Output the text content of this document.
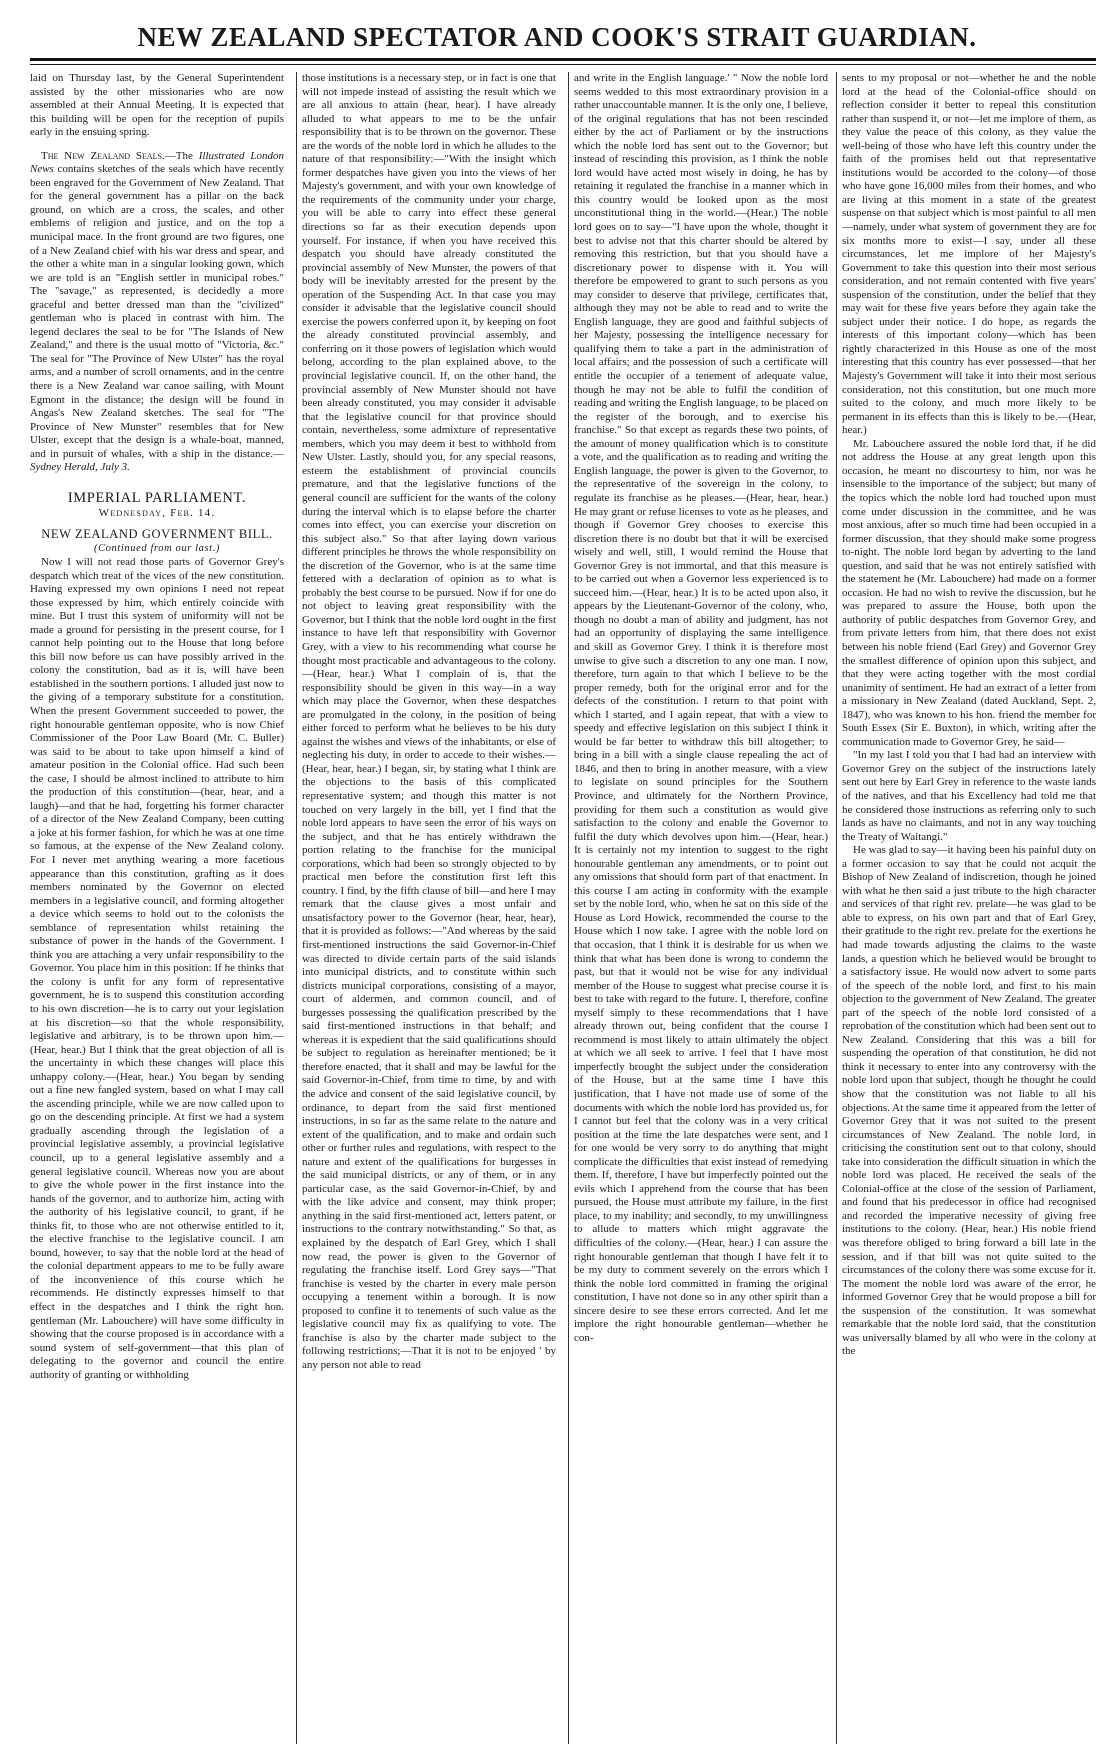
NEW ZEALAND SPECTATOR AND COOK'S STRAIT GUARDIAN.

laid on Thursday last, by the General Superintendent assisted by the other missionaries who are now assembled at their Annual Meeting. It is expected that this building will be open for the reception of pupils early in the ensuing spring.

The New Zealand Seals.—The Illustrated London News contains sketches of the seals which have recently been engraved for the Government of New Zealand. That for the general government has a pillar on the back ground, on which are a cross, the scales, and other emblems of religion and justice, and on the top a municipal mace. In the front ground are two figures, one of a New Zealand chief with his war dress and spear, and the other a white man in a singular looking gown, which we are told is an "English settler in municipal robes." The "savage," as represented, is decidedly a more graceful and better dressed man than the "civilized" gentleman who is placed in contrast with him. The legend declares the seal to be for "The Islands of New Zealand," and there is the usual motto of "Victoria, &c." The seal for "The Province of New Ulster" has the royal arms, and a number of scroll ornaments, and in the centre there is a New Zealand war canoe sailing, with Mount Egmont in the distance; the design will be found in Angas's New Zealand sketches. The seal for "The Province of New Munster" resembles that for New Ulster, except that the design is a whale-boat, manned, and in pursuit of whales, with a ship in the distance.—Sydney Herald, July 3.

IMPERIAL PARLIAMENT.

Wednesday, Feb. 14.

NEW ZEALAND GOVERNMENT BILL.

(Continued from our last.)

Now I will not read those parts of Governor Grey's despatch which treat of the vices of the new constitution. Having expressed my own opinions I need not repeat those expressed by him, which entirely coincide with mine. But I trust this system of uniformity will not be made a ground for persisting in the present course, for I cannot help pointing out to the House that long before this bill now before us can have possibly arrived in the colony the constitution, bad as it is, will have been established in the southern portions. I alluded just now to the giving of a temporary substitute for a constitution. When the present Government succeeded to power, the right honourable gentleman opposite, who is now Chief Commissioner of the Poor Law Board (Mr. C. Buller) was said to be about to take upon himself a kind of amateur position in the Colonial office. Had such been the case, I should be almost inclined to attribute to him the production of this constitution—(hear, hear, and a laugh)—and that he had, forgetting his former character of a director of the New Zealand Company, been cutting a joke at his former fashion, for which he was at one time so famous, at the expense of the New Zealand colony. For I never met anything wearing a more facetious appearance than this constitution, grafting as it does members nominated by the Governor on elected members in a legislative council, and forming altogether a device which seems to hold out to the colonists the semblance of representation whilst retaining the substance of power in the hands of the Government. I think you are attaching a very unfair responsibility to the Governor. You place him in this position: If he thinks that the colony is unfit for any form of representative government, he is to suspend this constitution according to his own discretion—he is to carry out your legislation at his discretion—so that the whole responsibility, legislative and arbitrary, is to be thrown upon him.—(Hear, hear.) But I think that the great objection of all is the uncertainty in which these changes will place this unhappy colony.—(Hear, hear.) You began by sending out a fine new fangled system, based on what I may call the ascending principle, while we are now called upon to go on the descending principle. At first we had a system gradually ascending through the legislation of a provincial legislative assembly, a provincial legislative council, up to a general legislative assembly and a general legislative council. Whereas now you are about to give the whole power in the first instance into the hands of the governor, and to authorize him, acting with the authority of his legislative council, to grant, if he thinks fit, to those who are not otherwise entitled to it, the elective franchise to the legislative council. I am bound, however, to say that the noble lord at the head of the colonial department appears to me to be fully aware of the inconvenience of this course which he recommends. He distinctly expresses himself to that effect in the despatches and I think the right hon. gentleman (Mr. Labouchere) will have some difficulty in showing that the course proposed is in accordance with a sound system of self-government—that this plan of delegating to the governor and council the entire authority of granting or withholding

those institutions is a necessary step, or in fact is one that will not impede instead of assisting the result which we are all anxious to attain (hear, hear). I have already alluded to what appears to me to be the unfair responsibility that is to be thrown on the governor. These are the words of the noble lord in which he alludes to the nature of that responsibility:—"With the insight which former despatches have given you into the views of her Majesty's government, and with your own knowledge of the requirements of the community under your charge, you will be able to carry into effect these general directions so far as their execution depends upon yourself. For instance, if when you have received this despatch you should have already constituted the provincial assembly of New Munster, the powers of that body will be inevitably arrested for the present by the operation of the Suspending Act. In that case you may consider it advisable that the legislative council should exercise the powers conferred upon it, by keeping on foot the already constituted provincial assembly, and conferring on it those powers of legislation which would belong, according to the plan explained above, to the provincial legislative council. If, on the other hand, the provincial assembly of New Munster should not have been already constituted, you may consider it advisable that the legislative council for that province should contain, nevertheless, some admixture of representative members, which you may deem it best to withhold from New Ulster. Lastly, should you, for any special reasons, esteem the establishment of provincial councils premature, and that the legislative functions of the general council are sufficient for the wants of the colony during the interval which is to elapse before the charter comes into effect, you can exercise your discretion on this subject also." So that after laying down various different principles he throws the whole responsibility on the discretion of the Governor, who is at the same time fettered with a declaration of opinion as to what is probably the best course to be pursued. Now if for one do not object to leaving great responsibility with the Governor, but I think that the noble lord ought in the first instance to have left that responsibility with Governor Grey, with a view to his recommending what course he thought most practicable and advantageous to the colony.—(Hear, hear.) What I complain of is, that the responsibility should be given in this way—in a way which may place the Governor, when these despatches are promulgated in the colony, in the position of being either forced to perform what he believes to be his duty against the wishes and views of the inhabitants, or else of neglecting his duty, in order to accede to their wishes.—(Hear, hear, hear.) I began, sir, by stating what I think are the objections to the basis of this complicated representative system; and though this matter is not touched on very largely in the bill, yet I find that the noble lord appears to have seen the error of his ways on the subject, and that he has entirely withdrawn the portion relating to the franchise for the municipal corporations, which had been so strongly objected to by practical men before the constitution first left this country. I find, by the fifth clause of bill—and here I may remark that the clause gives a most unfair and unsatisfactory power to the Governor (hear, hear, hear), that it is provided as follows:—"And whereas by the said first-mentioned instructions the said Governor-in-Chief was directed to divide certain parts of the said islands into municipal districts, and to constitute within such districts municipal corporations, consisting of a mayor, court of aldermen, and common council, and of burgesses possessing the qualification prescribed by the said first-mentioned instructions in that behalf; and whereas it is expedient that the said qualifications should be subject to regulation as hereinafter mentioned; be it therefore enacted, that it shall and may be lawful for the said Governor-in-Chief, from time to time, by and with the advice and consent of the said legislative council, by ordinance, to depart from the said first mentioned instructions, in so far as the same relate to the nature and extent of the qualification, and to make and ordain such other or further rules and regulations, with respect to the nature and extent of the qualifications for burgesses in the said municipal districts, or any of them, or in any particular case, as the said Governor-in-Chief, by and with the like advice and consent, may think proper; anything in the said first-mentioned act, letters patent, or instructions to the contrary notwithstanding." So that, as explained by the despatch of Earl Grey, which I shall now read, the power is given to the Governor of regulating the franchise itself. Lord Grey says—"That franchise is vested by the charter in every male person occupying a tenement within a borough. It is now proposed to confine it to tenements of such value as the legislative council may fix as qualifying to vote. The franchise is also by the charter made subject to the following restrictions;—That it is not to be enjoyed ' by any person not able to read

and write in the English language.' " Now the noble lord seems wedded to this most extraordinary provision in a rather unaccountable manner. It is the only one, I believe, of the original regulations that has not been rescinded either by the act of Parliament or by the instructions which the noble lord has sent out to the Governor; but instead of rescinding this provision, as I think the noble lord would have acted most wisely in doing, he has by retaining it regulated the franchise in a manner which in this country would be looked upon as the most unconstitutional thing in the world.—(Hear.) The noble lord goes on to say—"I have upon the whole, thought it best to advise not that this charter should be altered by removing this restriction, but that you should have a discretionary power to dispense with it. You will therefore be empowered to grant to such persons as you may consider to deserve that privilege, certificates that, although they may not be able to read and to write the English language, they are good and faithful subjects of her Majesty, possessing the intelligence necessary for qualifying them to take a part in the administration of local affairs; and the possession of such a certificate will entitle the occupier of a tenement of adequate value, though he may not be able to fulfil the condition of reading and writing the English language, to be placed on the register of the borough, and to exercise his franchise." So that except as regards these two points, of the amount of money qualification which is to constitute a vote, and the qualification as to reading and writing the English language, the power is given to the Governor, to the representative of the sovereign in the colony, to regulate its franchise as he pleases.—(Hear, hear, hear.) He may grant or refuse licenses to vote as he pleases, and though if Governor Grey chooses to exercise this discretion there is no doubt but that it will be exercised wisely and well, still, I would remind the House that Governor Grey is not immortal, and that this measure is to be carried out when a Governor less experienced is to succeed him.—(Hear, hear.) It is to be acted upon also, it appears by the Lieutenant-Governor of the colony, who, though no doubt a man of ability and judgment, has not had an opportunity of displaying the same intelligence and skill as Governor Grey. I think it is therefore most unwise to give such a discretion to any one man. I now, therefore, turn again to that which I believe to be the proper remedy, both for the original error and for the defects of the constitution. I return to that point with which I started, and I again repeat, that with a view to speedy and effective legislation on this subject I think it would be far better to withdraw this bill altogether; to bring in a bill with a single clause repealing the act of 1846, and then to bring in another measure, with a view to legislate on sound principles for the Southern Province, and ultimately for the Northern Province, providing for them such a constitution as would give satisfaction to the colony and enable the Governor to fulfil the duty which devolves upon him.—(Hear, hear.) It is certainly not my intention to suggest to the right honourable gentleman any amendments, or to point out any omissions that should form part of that enactment. In this course I am acting in conformity with the example set by the noble lord, who, when he sat on this side of the House as Lord Howick, recommended the course to the House which I now take. I agree with the noble lord on that occasion, that I think it is desirable for us when we think that what has been done is wrong to condemn the past, but that it would not be wise for any individual member of the House to suggest what precise course it is best to take with regard to the future. I, therefore, confine myself simply to these recommendations that I have already thrown out, being confident that the course I recommend is most likely to attain ultimately the object at which we all seek to arrive. I feel that I have most imperfectly brought the subject under the consideration of the House, but at the same time I have this justification, that I have not made use of some of the documents with which the noble lord has provided us, for I cannot but feel that the colony was in a very critical position at the time the late despatches were sent, and I for one would be very sorry to do anything that might complicate the difficulties that exist instead of remedying them. If, therefore, I have but imperfectly pointed out the evils which I apprehend from the course that has been pursued, the House must attribute my failure, in the first place, to my inability; and secondly, to my unwillingness to allude to matters which might aggravate the difficulties of the colony.—(Hear, hear.) I can assure the right honourable gentleman that though I have felt it to be my duty to comment severely on the errors which I think the noble lord committed in framing the original constitution, I have not done so in any other spirit than a sincere desire to see these errors corrected. And let me implore the right honourable gentleman—whether he con-

sents to my proposal or not—whether he and the noble lord at the head of the Colonial-office should on reflection consider it better to repeal this constitution rather than suspend it, or not—let me implore of them, as they value the peace of this colony, as they value the well-being of those who have left this country under the faith of the promises held out that representative institutions would be accorded to the colony—of those who have gone 16,000 miles from their homes, and who are living at this moment in a state of the greatest suspense on that subject which is most painful to all men—namely, under what system of government they are for six months more to exist—I say, under all these circumstances, let me implore of her Majesty's Government to take this question into their most serious consideration, and not remain contented with five years' suspension of the constitution, under the belief that they may wait for these five years before they again take the subject under their notice. I do hope, as regards the interests of this important colony—which has been rightly characterized in this House as one of the most interesting that this country has ever possessed—that her Majesty's Government will take it into their most serious consideration, not this constitution, but one much more suited to the colony, and much more likely to be permanent in its effects than this is likely to be.—(Hear, hear.)

Mr. Labouchere assured the noble lord that, if he did not address the House at any great length upon this occasion, he meant no discourtesy to him, nor was he insensible to the importance of the subject; but many of the topics which the noble lord had touched upon must come under discussion in the committee, and he was most anxious, after so much time had been occupied in a former discussion, that they should make some progress to-night. The noble lord began by adverting to the land question, and said that he was not entirely satisfied with the statement he (Mr. Labouchere) had made on a former occasion. He had no wish to revive the discussion, but he was prepared to assure the House, both upon the authority of public despatches from Governor Grey, and from private letters from him, that there does not exist between his noble friend (Earl Grey) and Governor Grey the smallest difference of opinion upon this subject, and that they were acting together with the most cordial unanimity of sentiment. He had an extract of a letter from a missionary in New Zealand (dated Auckland, Sept. 2, 1847), who was known to his hon. friend the member for South Essex (Sir E. Buxton), in which, writing after the communication made to Governor Grey, he said—

"In my last I told you that I had had an interview with Governor Grey on the subject of the instructions lately sent out here by Earl Grey in reference to the waste lands of the natives, and that his Excellency had told me that he considered those instructions as referring only to such lands as have no claimants, and not in any way touching the Treaty of Waitangi."

He was glad to say—it having been his painful duty on a former occasion to say that he could not acquit the Bishop of New Zealand of indiscretion, though he joined with what he then said a just tribute to the high character and services of that right rev. prelate—he was glad to be able to express, on his own part and that of Earl Grey, their gratitude to the right rev. prelate for the exertions he had made towards adjusting the claims to the waste lands, a question which he believed would be brought to a satisfactory issue. He would now advert to some parts of the speech of the noble lord, and first to his main objection to the government of New Zealand. The greater part of the speech of the noble lord consisted of a reprobation of the constitution which had been sent out to New Zealand. Considering that this was a bill for suspending the operation of that constitution, he did not think it necessary to enter into any controversy with the noble lord upon that subject, though he thought he could show that the constitution was not liable to all his objections. At the same time it appeared from the letter of Governor Grey that it was not suited to the present circumstances of New Zealand. The noble lord, in criticising the constitution sent out to that colony, should take into consideration the difficult situation in which the noble lord was placed. He received the seals of the Colonial-office at the close of the session of Parliament, and found that his predecessor in office had recognised and recorded the imperative necessity of giving free institutions to the colony. (Hear, hear.) His noble friend was therefore obliged to bring forward a bill late in the session, and if that bill was not quite suited to the circumstances of the colony there was some excuse for it. The moment the noble lord was aware of the error, he informed Governor Grey that he would propose a bill for the suspension of the constitution. It was somewhat remarkable that the noble lord said, that the constitution was universally blamed by all who were in the colony at the
